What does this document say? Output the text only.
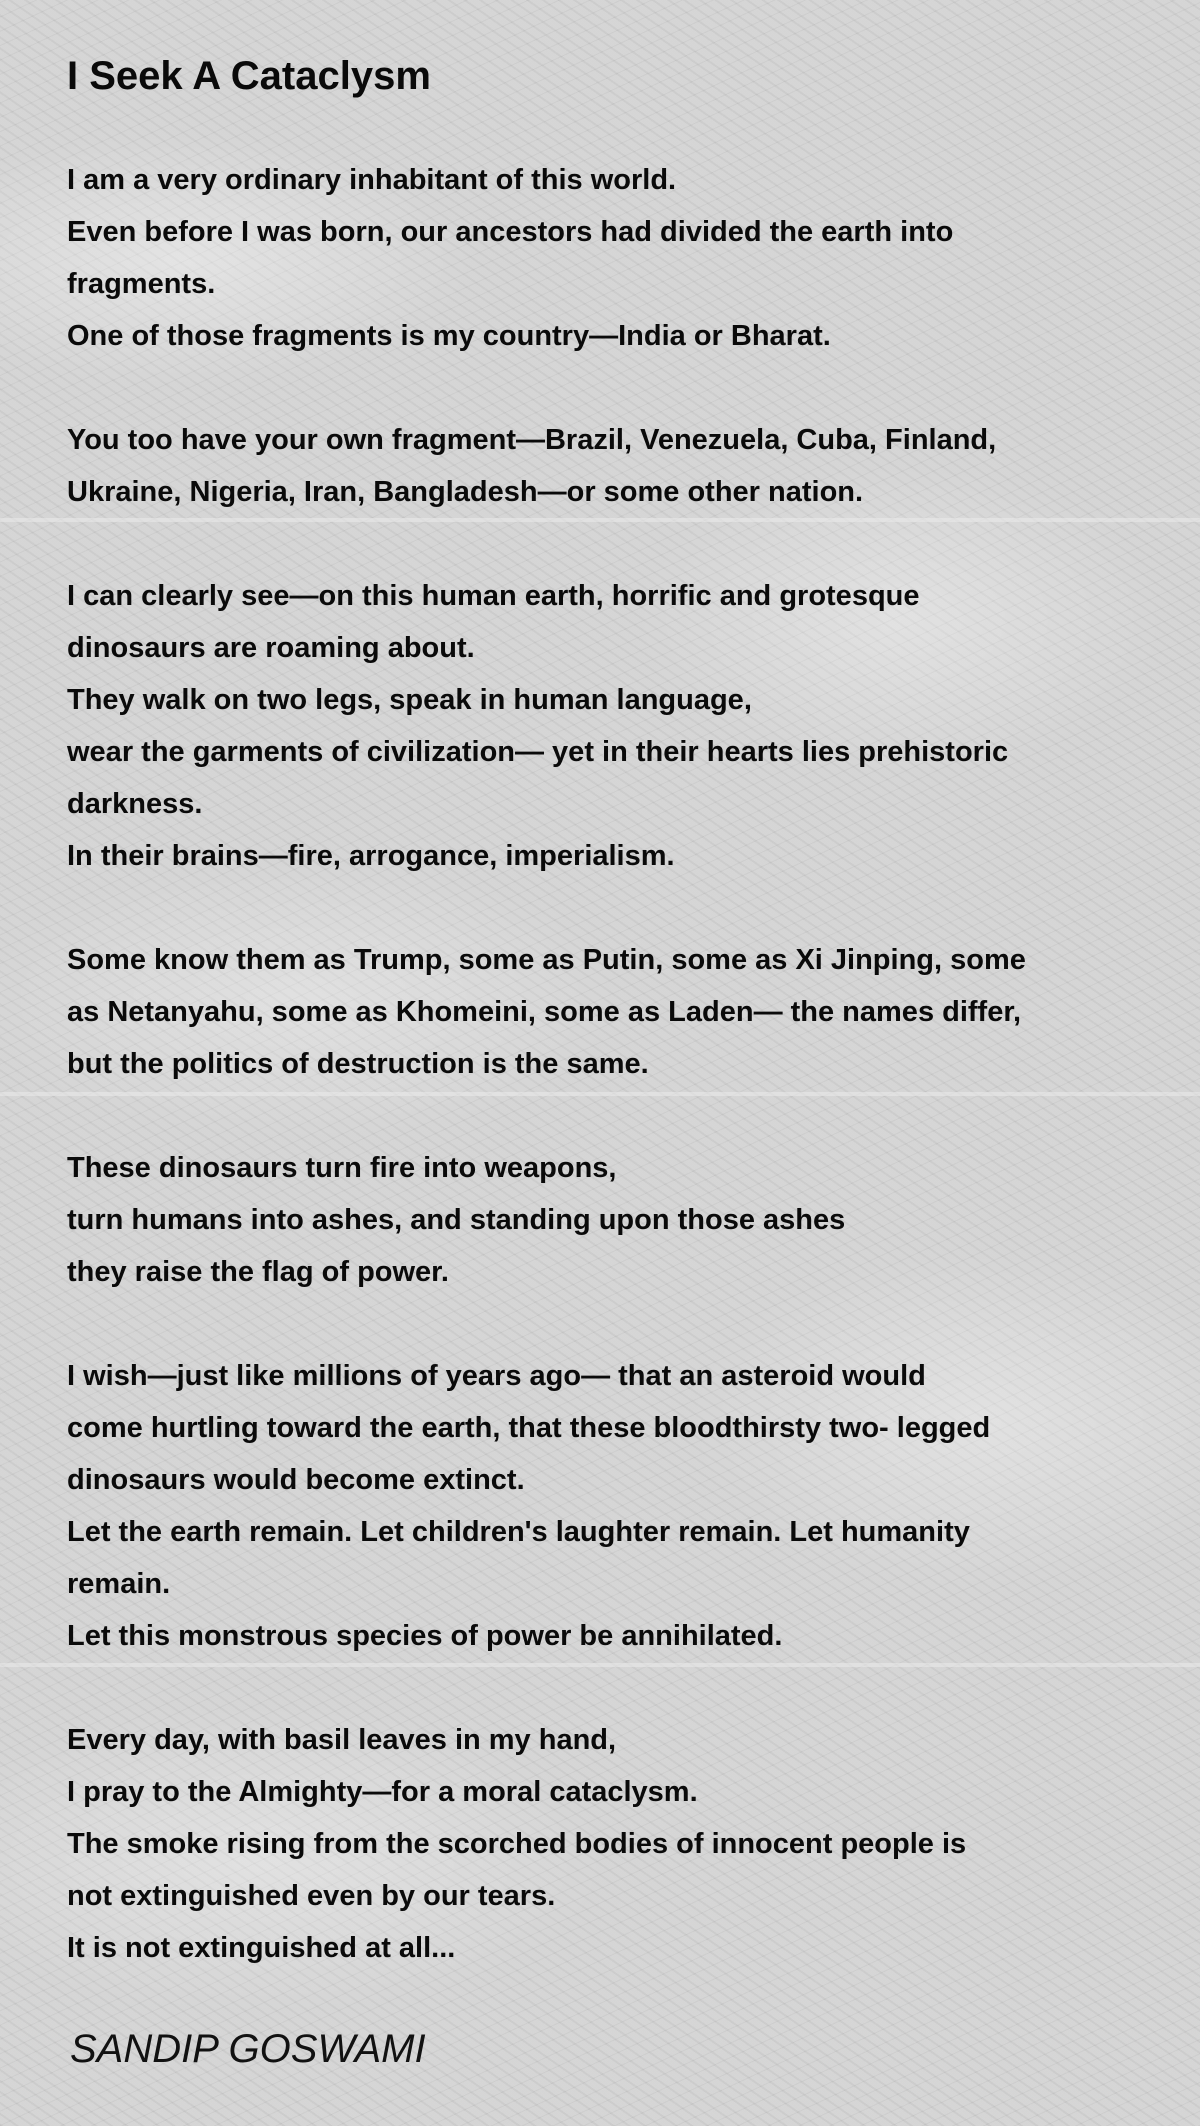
I Seek A Cataclysm
I am a very ordinary inhabitant of this world.
Even before I was born, our ancestors had divided the earth into
fragments.
One of those fragments is my country—India or Bharat.
You too have your own fragment—Brazil, Venezuela, Cuba, Finland,
Ukraine, Nigeria, Iran, Bangladesh—or some other nation.
I can clearly see—on this human earth, horrific and grotesque
dinosaurs are roaming about.
They walk on two legs, speak in human language,
wear the garments of civilization— yet in their hearts lies prehistoric
darkness.
In their brains—fire, arrogance, imperialism.
Some know them as Trump, some as Putin, some as Xi Jinping, some
as Netanyahu, some as Khomeini, some as Laden— the names differ,
but the politics of destruction is the same.
These dinosaurs turn fire into weapons,
turn humans into ashes, and standing upon those ashes
they raise the flag of power.
I wish—just like millions of years ago— that an asteroid would
come hurtling toward the earth, that these bloodthirsty two- legged
dinosaurs would become extinct.
Let the earth remain. Let children's laughter remain. Let humanity
remain.
Let this monstrous species of power be annihilated.
Every day, with basil leaves in my hand,
I pray to the Almighty—for a moral cataclysm.
The smoke rising from the scorched bodies of innocent people is
not extinguished even by our tears.
It is not extinguished at all...
SANDIP GOSWAMI
